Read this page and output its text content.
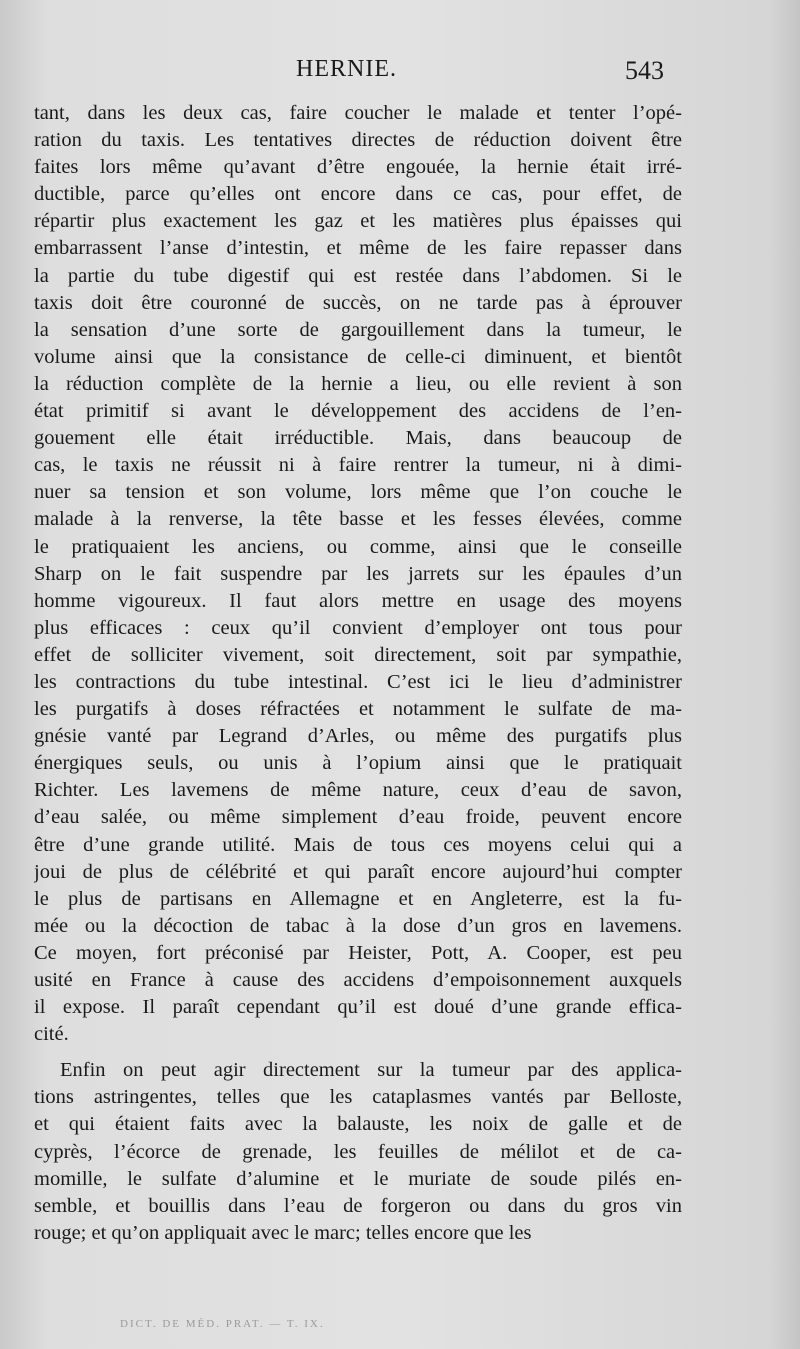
HERNIE.	543
tant, dans les deux cas, faire coucher le malade et tenter l’opé-
ration du taxis. Les tentatives directes de réduction doivent être
faites lors même qu’avant d’être engouée, la hernie était irré-
ductible, parce qu’elles ont encore dans ce cas, pour effet, de
répartir plus exactement les gaz et les matières plus épaisses qui
embarrassent l’anse d’intestin, et même de les faire repasser dans
la partie du tube digestif qui est restée dans l’abdomen. Si le
taxis doit être couronné de succès, on ne tarde pas à éprouver
la sensation d’une sorte de gargouillement dans la tumeur, le
volume ainsi que la consistance de celle-ci diminuent, et bientôt
la réduction complète de la hernie a lieu, ou elle revient à son
état primitif si avant le développement des accidens de l’en-
gouement elle était irréductible. Mais, dans beaucoup de
cas, le taxis ne réussit ni à faire rentrer la tumeur, ni à dimi-
nuer sa tension et son volume, lors même que l’on couche le
malade à la renverse, la tête basse et les fesses élevées, comme
le pratiquaient les anciens, ou comme, ainsi que le conseille
Sharp on le fait suspendre par les jarrets sur les épaules d’un
homme vigoureux. Il faut alors mettre en usage des moyens
plus efficaces : ceux qu’il convient d’employer ont tous pour
effet de solliciter vivement, soit directement, soit par sympathie,
les contractions du tube intestinal. C’est ici le lieu d’administrer
les purgatifs à doses réfractées et notamment le sulfate de ma-
gnésie vanté par Legrand d’Arles, ou même des purgatifs plus
énergiques seuls, ou unis à l’opium ainsi que le pratiquait
Richter. Les lavemens de même nature, ceux d’eau de savon,
d’eau salée, ou même simplement d’eau froide, peuvent encore
être d’une grande utilité. Mais de tous ces moyens celui qui a
joui de plus de célébrité et qui paraît encore aujourd’hui compter
le plus de partisans en Allemagne et en Angleterre, est la fu-
mée ou la décoction de tabac à la dose d’un gros en lavemens.
Ce moyen, fort préconisé par Heister, Pott, A. Cooper, est peu
usité en France à cause des accidens d’empoisonnement auxquels
il expose. Il paraît cependant qu’il est doué d’une grande effica-
cité.
Enfin on peut agir directement sur la tumeur par des applica-
tions astringentes, telles que les cataplasmes vantés par Belloste,
et qui étaient faits avec la balauste, les noix de galle et de
cyprès, l’écorce de grenade, les feuilles de mélilot et de ca-
momille, le sulfate d’alumine et le muriate de soude pilés en-
semble, et bouillis dans l’eau de forgeron ou dans du gros vin
rouge; et qu’on appliquait avec le marc; telles encore que les
DICT. DE MÉD. PRAT. — T. IX.
